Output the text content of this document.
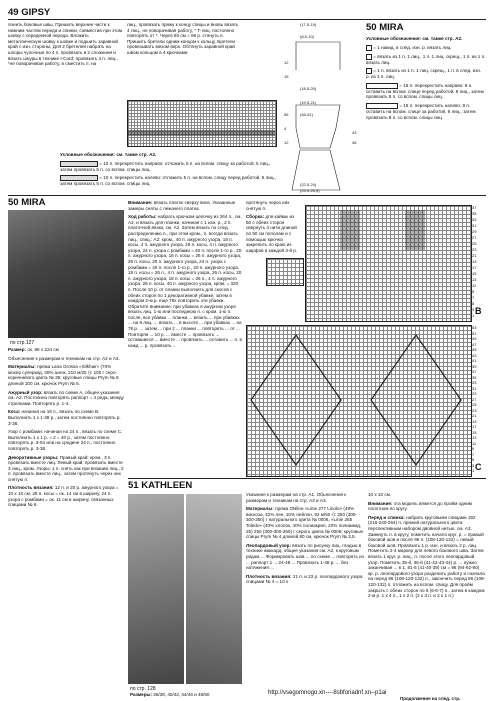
49 GIPSY
50 MIRA
понить боковые швы. Пришить верхние части к нижним частям переда и спинки, совместив при этом шовку с середеиной переда. Вложить металлическую шовку к шовке и подшить заравной край с изн. стороны. Для 2 бретелей набрать на шпоры чулочные по 4 п. провязать в 2 сложения и вязать шнуры в технике I-Cord: провязать 4 п. лиц., *не поворачивая работу, в сместить п. на
лиц., провязать пряжу к концу спицы и вновь вязать 4 лиц., не поворачивая работу, * Т-лиц. постоянно повторять от *. Через 60 см = 96 р. стянуть п. Пришить бретели одним концом к кольцу. Бретели провязывать мехом верх. Обтянуть заравной край швом кольцом в 4 крючками
(17,5-19)
(8,5-10)
(18,5-20)
(19,5-21)
(46-51)
(22,5-24)
(24,5-26,5)
12
15
4
12
43
46
56
Условные обозначения: см. также стр. A2.
= 10 п. перекрестить направо: отложить 5 п. на вспом. спицу за работой, 5 лиц., затем провязать 5 п. со вспом. спицы лиц.
= 10 п. перекрестить налево: отложить 5 п. на вспом. спицу перед работой, 5 лиц., затем провязать 5 п. со вспом. спицы лиц.
Условные обозначения: см. также стр. A2.
= 1 накид, в след. изн. р. вязать лиц.
= вязать из 1 п. 1 лиц., 1 п. 1 лиц. скрещ., 1 п. из 1 п. вязать лиц.
= 1 п. вязать из 1 п. 1 лиц. скрещ., 1 п. в след. изн. р. из 1 п. лиц.
= 16 п. перекрестить направо: 8 п. оставить на вспом. спице перед работой, 8 лиц., затем провязать 8 п. со вспом. спицы лиц.
= 16 п. перекрестить налево: 8 п. оставить на вспом. спице за работой, 8 лиц., затем провязать 8 п. со вспом. спицы лиц.
50 MIRA
по стр.127

Размер: ок. 86 х 224 см

Объяснения к размерам и техникам на стр. A2 и A3.

Материалы: пряжа Lana Grossa «Silkhair» (70% мохер суперкид, 30% шелк, 210 м/25 г): 100 г серо-коричневого цвета № 35; круговые спицы Prym № 6 длиной 100 см, крючок Prym № 5.

Ажурный узор: вязать по схеме A, общее указания см. A2. Постоянно повторять раппорт = 4 ряда, между стрелками. Повторять р. 1-4.

Коса: начиная на 18 п., вязать по схеме B. Выполнить 1 х 1-38 р., затем постоянно повторять р. 3-38.

Узор с ромбами: начиная на 24 п., вязать по схеме C. Выполнить 1 х 1 р. = 2 = 40 р., затем постоянно повторять р. 3-54 или на средине 24 п., постоянно повторять р. 3-38.

Декоративные узоры: Правый край: кром., 3 п. провязать вместе лиц. Левый край: провязать вместе 3 лиц., кром. Узоры: 1 п. снять как при вязании лиц., 2 п. провязать вместе лиц., затем протянуть через них снятую п.

Плотность вязания: 12 п. и 20 р. ажурного узора = 10 х 10 см, 26 п. косы = ок. 14 см в ширину, 24 п. узора с ромбами = ок. 11 см в ширину, связанных спицами № 6.

Внимание: вязать платок сверху вниз. Указанные замеры сняты с лежачего платка.

Ход работы: набрать крючком цепочку из 264 п., см. A2, и вязать для планки, начиная с 1 изн. р., 2 п. платочной вязки, см. A2. Затем вязать по след. распределению п., при этом кром., п. всегда вязать лиц., спиц.: A2: кром., 40 п. ажурного узора, 18 п. косы, 4 п. ажурного узора, 26 п. косы, 4 п. ажурного узора, 24 п. узора с ромбами = 40 п. после 1-го р., 20 п. ажурного узора, 18 п. косы = 26 п. ажурного узора, 26 п. косы, 20 п. ажурного узора, 24 п. узора с ромбами = 40 п. после 1-го р., 20 п. ажурного узора, 18 п. косы = 26 п., 4 п. ажурного узора, 26 п. косы, 20 п. ажурного узора, 18 п. косы = 26 п., 4 п. ажурного узора, 26 п. косы, 40 п. ажурного узора, кром. = 320 п. После 10 р. от планки выполнить для скосов с обеих сторон по 1 декоративной убавке, затем в каждом 2-м р. еще 78х повторить эти убавки. Обратите внимание: при убавках в ажурном узоре вязать лиц. 1-ю или последнюю п. с кром. 1-ю п. после, все убавки ... планки ... вязать ... при убавках ... на 8 лиц. ... вязать ... в высоте ... при убавках ... на 78 р. ... затем ... при 2 ... планки ... повторять ... от ... Повторяя ... 10 р. ... вместе ... провязать ... оставшиеся ... вместе ... провязать ... оставить ... п. в кажд ... р. провязать ...

протянуть через них снятую п.

Сборка: для каймы из 50 с обеих сторон свернуть 4 нити длиной по 50 см пополам и с помощью крючка закрепить по краю из шарфов в каждой 3-й р.

B
37
35
33
31
29
27
25
23
21
19
17
15
13
11
9
7
5
3
1
C
53
51
49
47
45
43
41
39
37
35
33
31
29
27
25
23
21
19
17
15
13
11
9
7
5
3
1
51 KATHLEEN
по стр. 128
Размеры: 36/38, 40/42, 44/46 и 48/50

Указания к размерам на стр. A1. Объяснения к размерам и техникам на стр. A2 и A3.

Материалы: пряжа ONline «Linie 277 Linolo» (48% вискоза, 42% лен, 10% нейлон, 92 м/50 г): 250 (300-300-350) г натурального цвета № 0006, «Linie 255 Toledo» (40% хлопок, 40% полиакрил, 20% полиамид, 25) 250 (300-300-350) г серого цвета № 0008; круговые спицы Prym № 4 длиной 80 см, крючок Prym № 3,5.

Леопардовый узор: вязать по рисунку лиц. гладью в технике жаккард, общее указания см. A2, к круговым рядам ... Формировать шов ... по схеме ... повторять из ... раппорт 1 ... 24-48 ... Провязать 1-48 р. ... без натяжения ...

Плотность вязания: 21 п. и 23 р. леопардового узора спицами № 4 = 10 х

10 х 10 см.

Внимание: эта модель вяжется до пройм одним полотном по кругу.

Перед и спинка: набрать круговыми спицами 192 (216-240-264) п. пряжей натурального цвета перспективным набором двойной нитью, см. A3. Замкнуть п. в кругу, пометить начало круг. р. = правый боковой шов и после 96 п. (108-120-132) = левый боковой шов. Провязать 1 р. изн. и вязать 2 р. лиц. Пометить 2-4 маркер для левого бокового шва. Затем вязать 1 круг. р. лиц., п. после этого леопардовый узор. Пометить 35-й, 36-й (41-42-43-44) р. ... нужно заканчивая ... в 1, 81-5 (41-40-39) см = 96 (94-92-90) кр. р. леопардового узора разделить работу и сначала на перед 96 (108-120-132) п., закончить перед 96 (108-120-132) п. отложить на вспом. спицу. Для пройм закрыть с обеих сторон по 5 (6-6-7) п., затем в каждом 2-м р. 1 х 4 п., 1 х 2 п. (2 х 3 п. и 2 х 1 п.)

http://vsegomnogo.xn----8sbforiadnf.xn--p1ai
Продолжение на след. стр.
